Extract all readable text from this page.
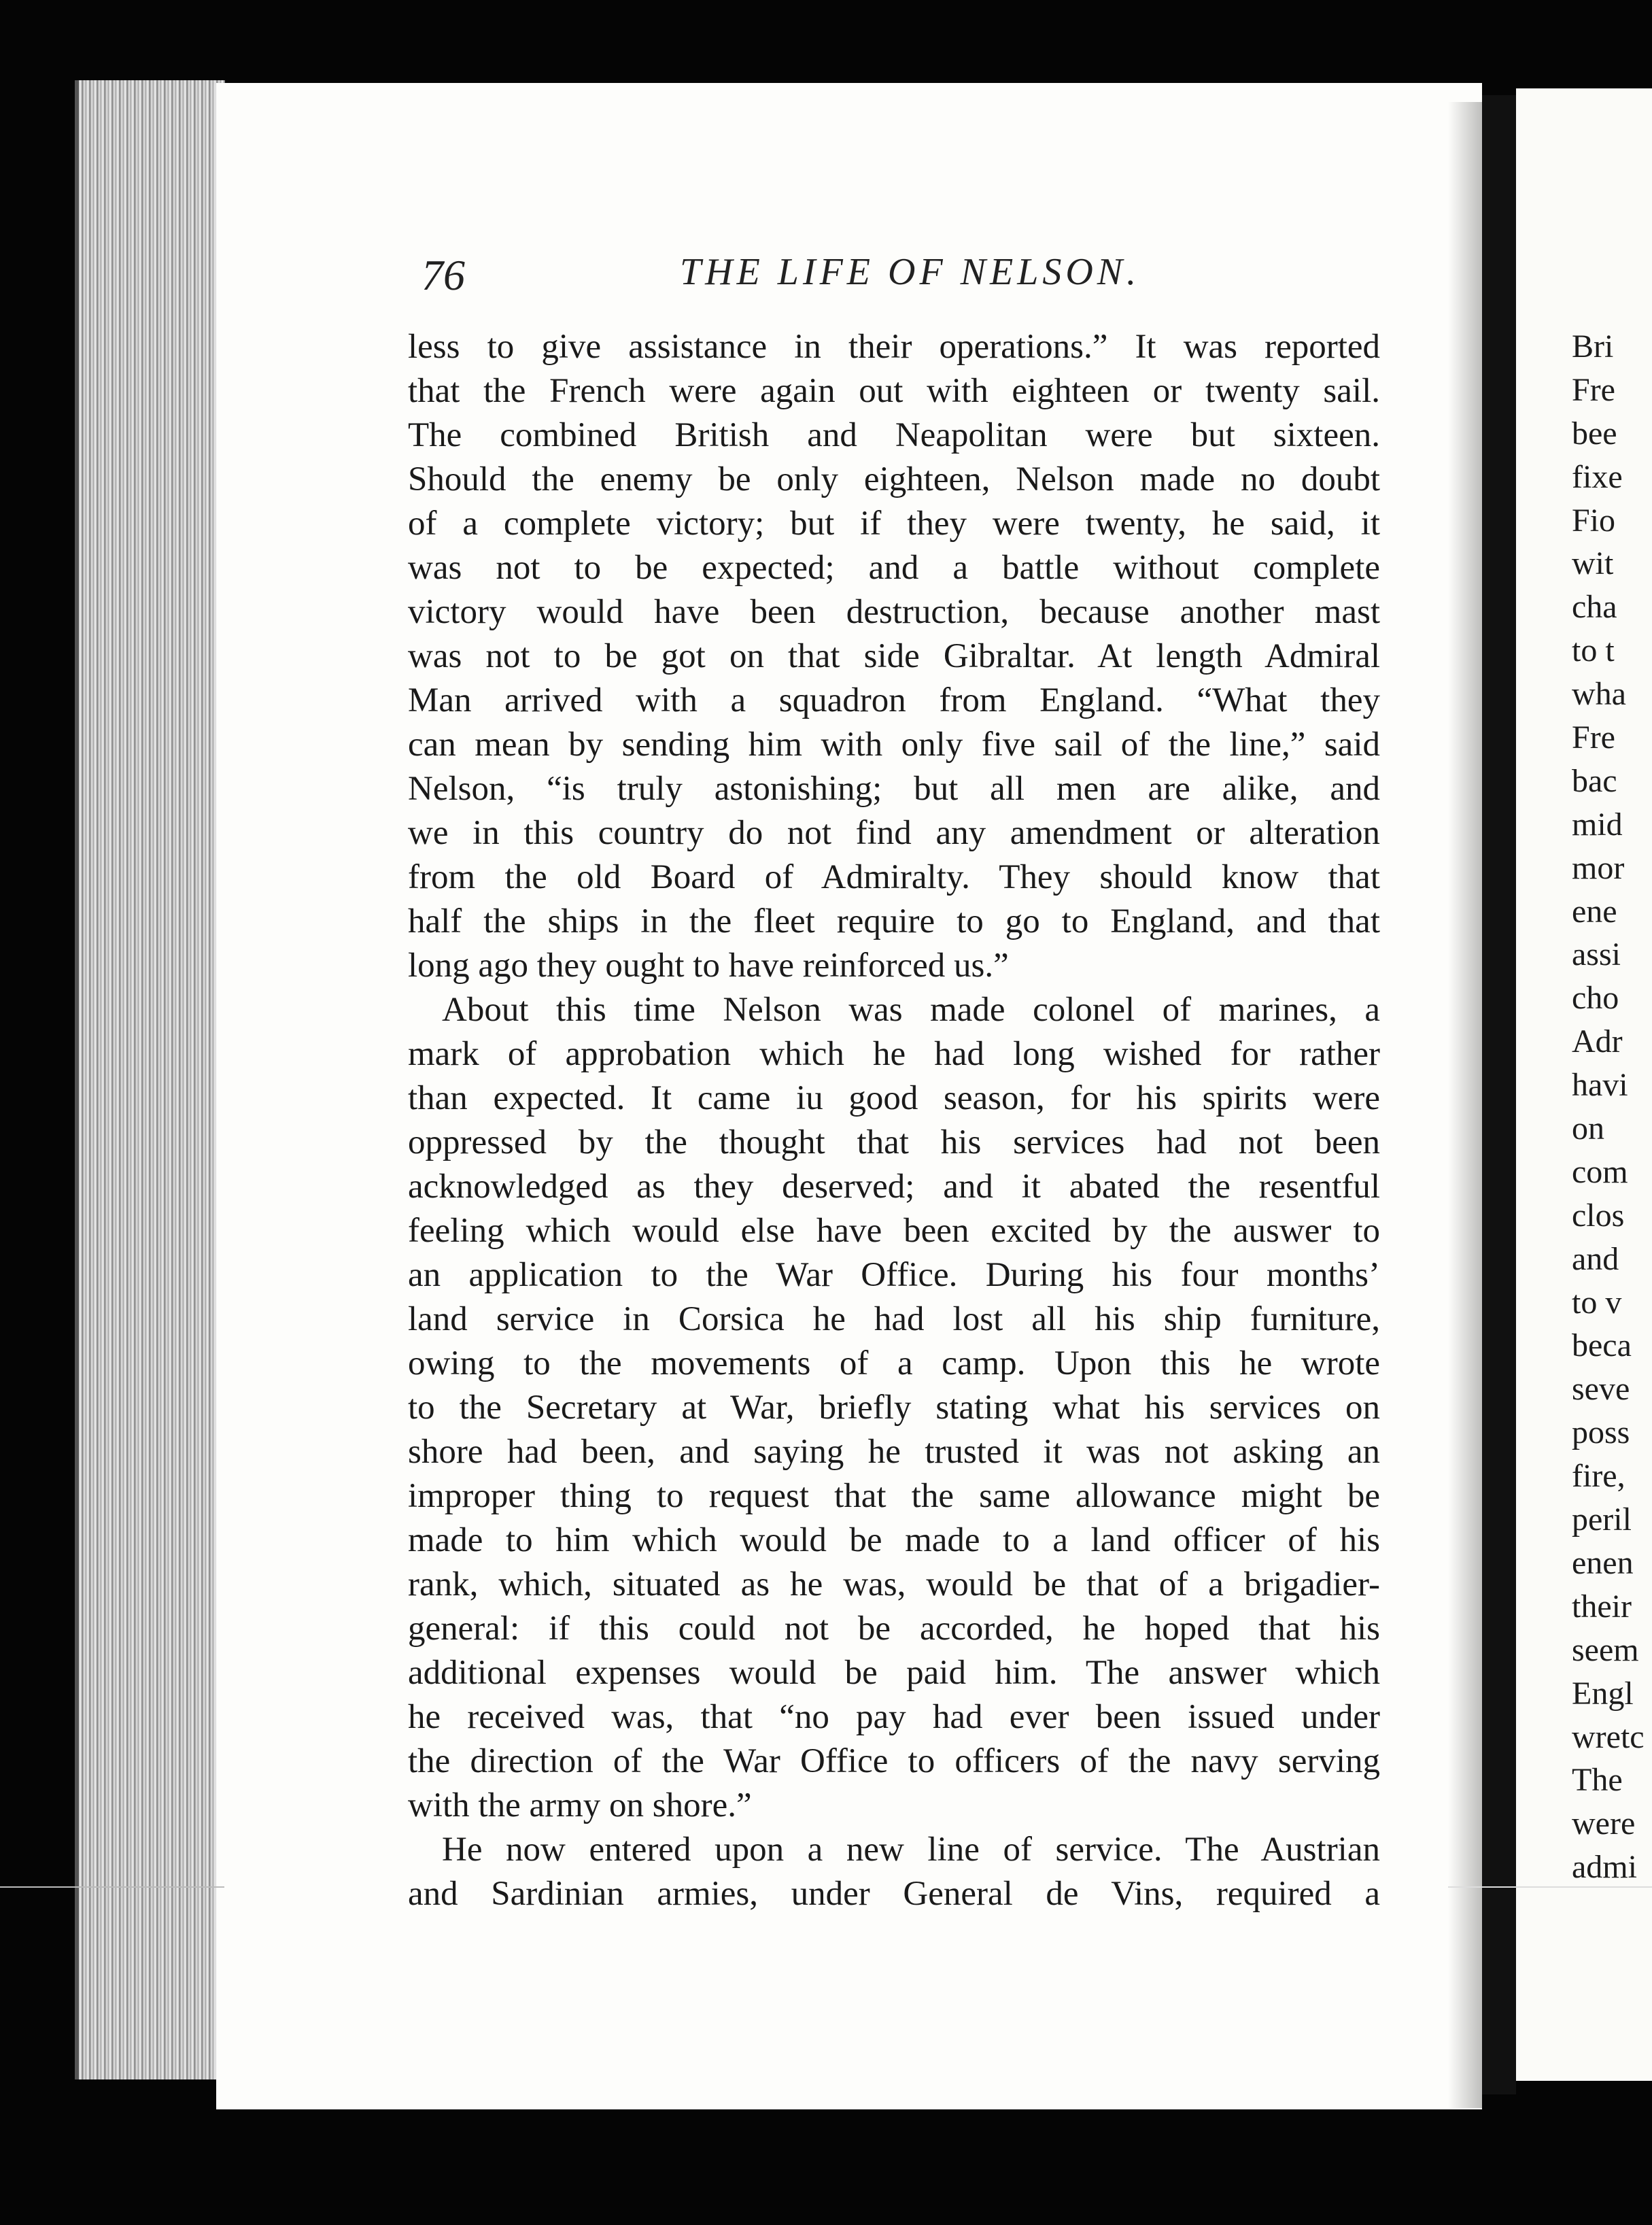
76	THE LIFE OF NELSON.
less to give assistance in their operations.” It was reported
that the French were again out with eighteen or twenty sail.
The combined British and Neapolitan were but sixteen.
Should the enemy be only eighteen, Nelson made no doubt
of a complete victory; but if they were twenty, he said, it
was not to be expected; and a battle without complete
victory would have been destruction, because another mast
was not to be got on that side Gibraltar. At length Admiral
Man arrived with a squadron from England. “What they
can mean by sending him with only five sail of the line,” said
Nelson, “is truly astonishing; but all men are alike, and
we in this country do not find any amendment or alteration
from the old Board of Admiralty. They should know that
half the ships in the fleet require to go to England, and that
long ago they ought to have reinforced us.”
About this time Nelson was made colonel of marines, a
mark of approbation which he had long wished for rather
than expected. It came iu good season, for his spirits were
oppressed by the thought that his services had not been
acknowledged as they deserved; and it abated the resentful
feeling which would else have been excited by the auswer to
an application to the War Office. During his four months’
land service in Corsica he had lost all his ship furniture,
owing to the movements of a camp. Upon this he wrote
to the Secretary at War, briefly stating what his services on
shore had been, and saying he trusted it was not asking an
improper thing to request that the same allowance might be
made to him which would be made to a land officer of his
rank, which, situated as he was, would be that of a brigadier-
general: if this could not be accorded, he hoped that his
additional expenses would be paid him. The answer which
he received was, that “no pay had ever been issued under
the direction of the War Office to officers of the navy serving
with the army on shore.”
He now entered upon a new line of service. The Austrian
and Sardinian armies, under General de Vins, required a
Bri
Fre
bee
fixe
Fio
wit
cha
to t
wha
Fre
bac
mid
mor
ene
assi
cho
Adr
havi
on
com
clos
and
to v
beca
seve
poss
fire,
peril
enen
their
seem
Engl
wretc
The
were
admi
